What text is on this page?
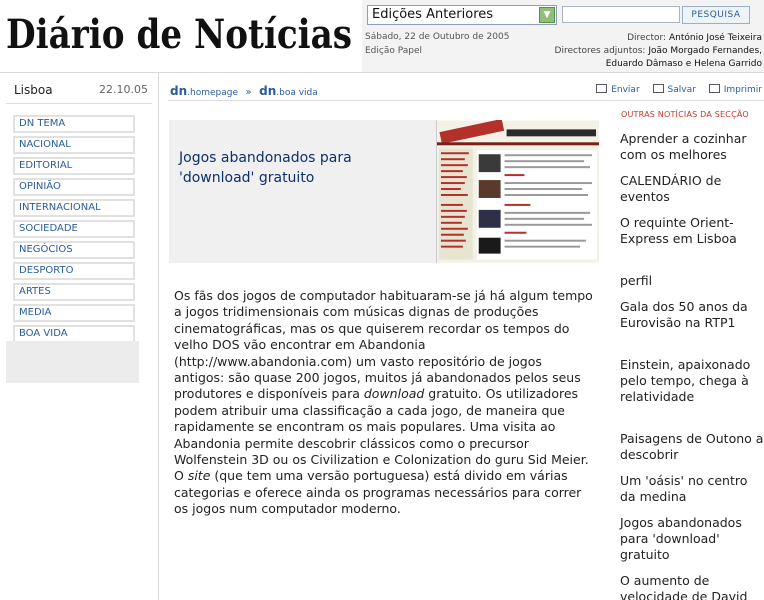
Diário de Notícias	Edições Anteriores	▼	PESQUISA
Sábado, 22 de Outubro de 2005
Edição Papel
Director: António José Teixeira
Directores adjuntos: João Morgado Fernandes,
Eduardo Dâmaso e Helena Garrido
Lisboa	22.10.05
DN TEMA
NACIONAL
EDITORIAL
OPINIÃO
INTERNACIONAL
SOCIEDADE
NEGÓCIOS
DESPORTO
ARTES
MEDIA
BOA VIDA
dn.homepage » dn.boa vida	Enviar	Salvar	Imprimir
Jogos abandonados para 'download' gratuito
Os fãs dos jogos de computador habituaram-se já há algum tempo a jogos tridimensionais com músicas dignas de produções cinematográficas, mas os que quiserem recordar os tempos do velho DOS vão encontrar em Abandonia (http://www.abandonia.com) um vasto repositório de jogos antigos: são quase 200 jogos, muitos já abandonados pelos seus produtores e disponíveis para download gratuito. Os utilizadores podem atribuir uma classificação a cada jogo, de maneira que rapidamente se encontram os mais populares. Uma visita ao Abandonia permite descobrir clássicos como o precursor Wolfenstein 3D ou os Civilization e Colonization do guru Sid Meier. O site (que tem uma versão portuguesa) está divido em várias categorias e oferece ainda os programas necessários para correr os jogos num computador moderno.
OUTRAS NOTÍCIAS DA SECÇÃO
Aprender a cozinhar com os melhores
CALENDÁRIO de eventos
O requinte Orient-Express em Lisboa
perfil
Gala dos 50 anos da Eurovisão na RTP1
Einstein, apaixonado pelo tempo, chega à relatividade
Paisagens de Outono a descobrir
Um 'oásis' no centro da medina
Jogos abandonados para 'download' gratuito
O aumento de velocidade de David
